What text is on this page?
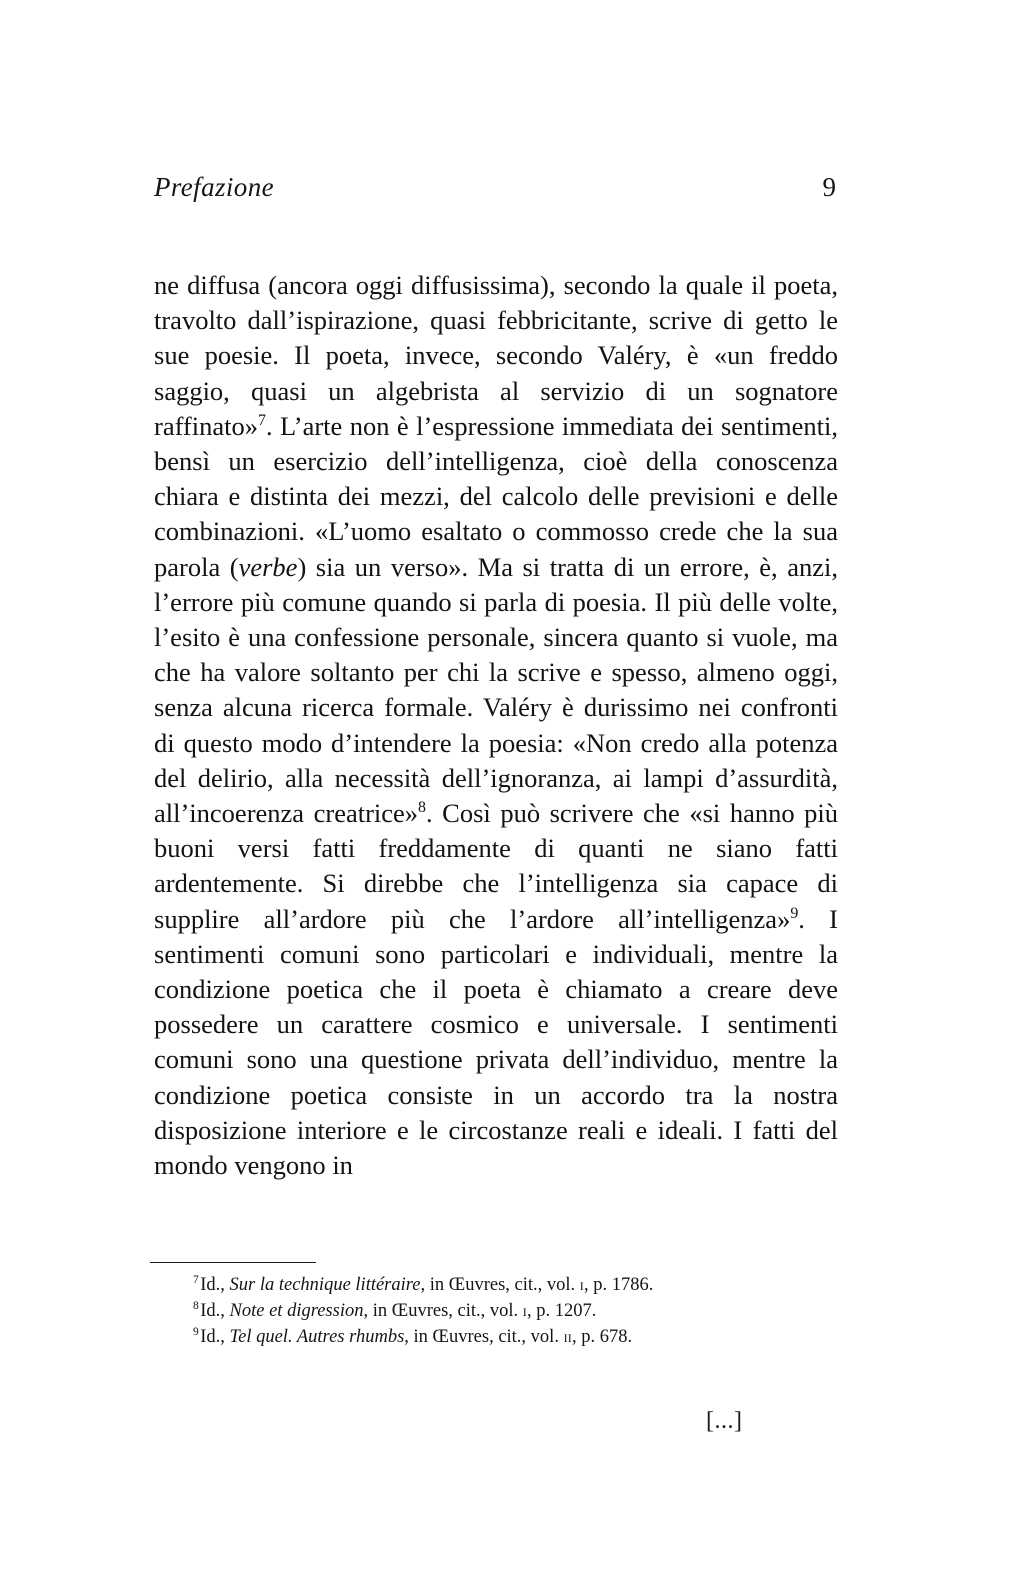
Prefazione	9

ne diffusa (ancora oggi diffusissima), secondo la quale il poeta, travolto dall’ispirazione, quasi febbricitante, scrive di getto le sue poesie. Il poeta, invece, secondo Valéry, è «un freddo saggio, quasi un algebrista al servizio di un sognatore raffinato»$^7$. L’arte non è l’espressione immediata dei sentimenti, bensì un esercizio dell’intelligenza, cioè della conoscenza chiara e distinta dei mezzi, del calcolo delle previsioni e delle combinazioni. «L’uomo esaltato o commosso crede che la sua parola (verbe) sia un verso». Ma si tratta di un errore, è, anzi, l’errore più comune quando si parla di poesia. Il più delle volte, l’esito è una confessione personale, sincera quanto si vuole, ma che ha valore soltanto per chi la scrive e spesso, almeno oggi, senza alcuna ricerca formale. Valéry è durissimo nei confronti di questo modo d’intendere la poesia: «Non credo alla potenza del delirio, alla necessità dell’ignoranza, ai lampi d’assurdità, all’incoerenza creatrice»$^8$. Così può scrivere che «si hanno più buoni versi fatti freddamente di quanti ne siano fatti ardentemente. Si direbbe che l’intelligenza sia capace di supplire all’ardore più che l’ardore all’intelligenza»$^9$. I sentimenti comuni sono particolari e individuali, mentre la condizione poetica che il poeta è chiamato a creare deve possedere un carattere cosmico e universale. I sentimenti comuni sono una questione privata dell’individuo, mentre la condizione poetica consiste in un accordo tra la nostra disposizione interiore e le circostanze reali e ideali. I fatti del mondo vengono in

$^7$Id., Sur la technique littéraire, in Œuvres, cit., vol. i, p. 1786.

$^8$Id., Note et digression, in Œuvres, cit., vol. i, p. 1207.

$^9$Id., Tel quel. Autres rhumbs, in Œuvres, cit., vol. ii, p. 678.

[...]
